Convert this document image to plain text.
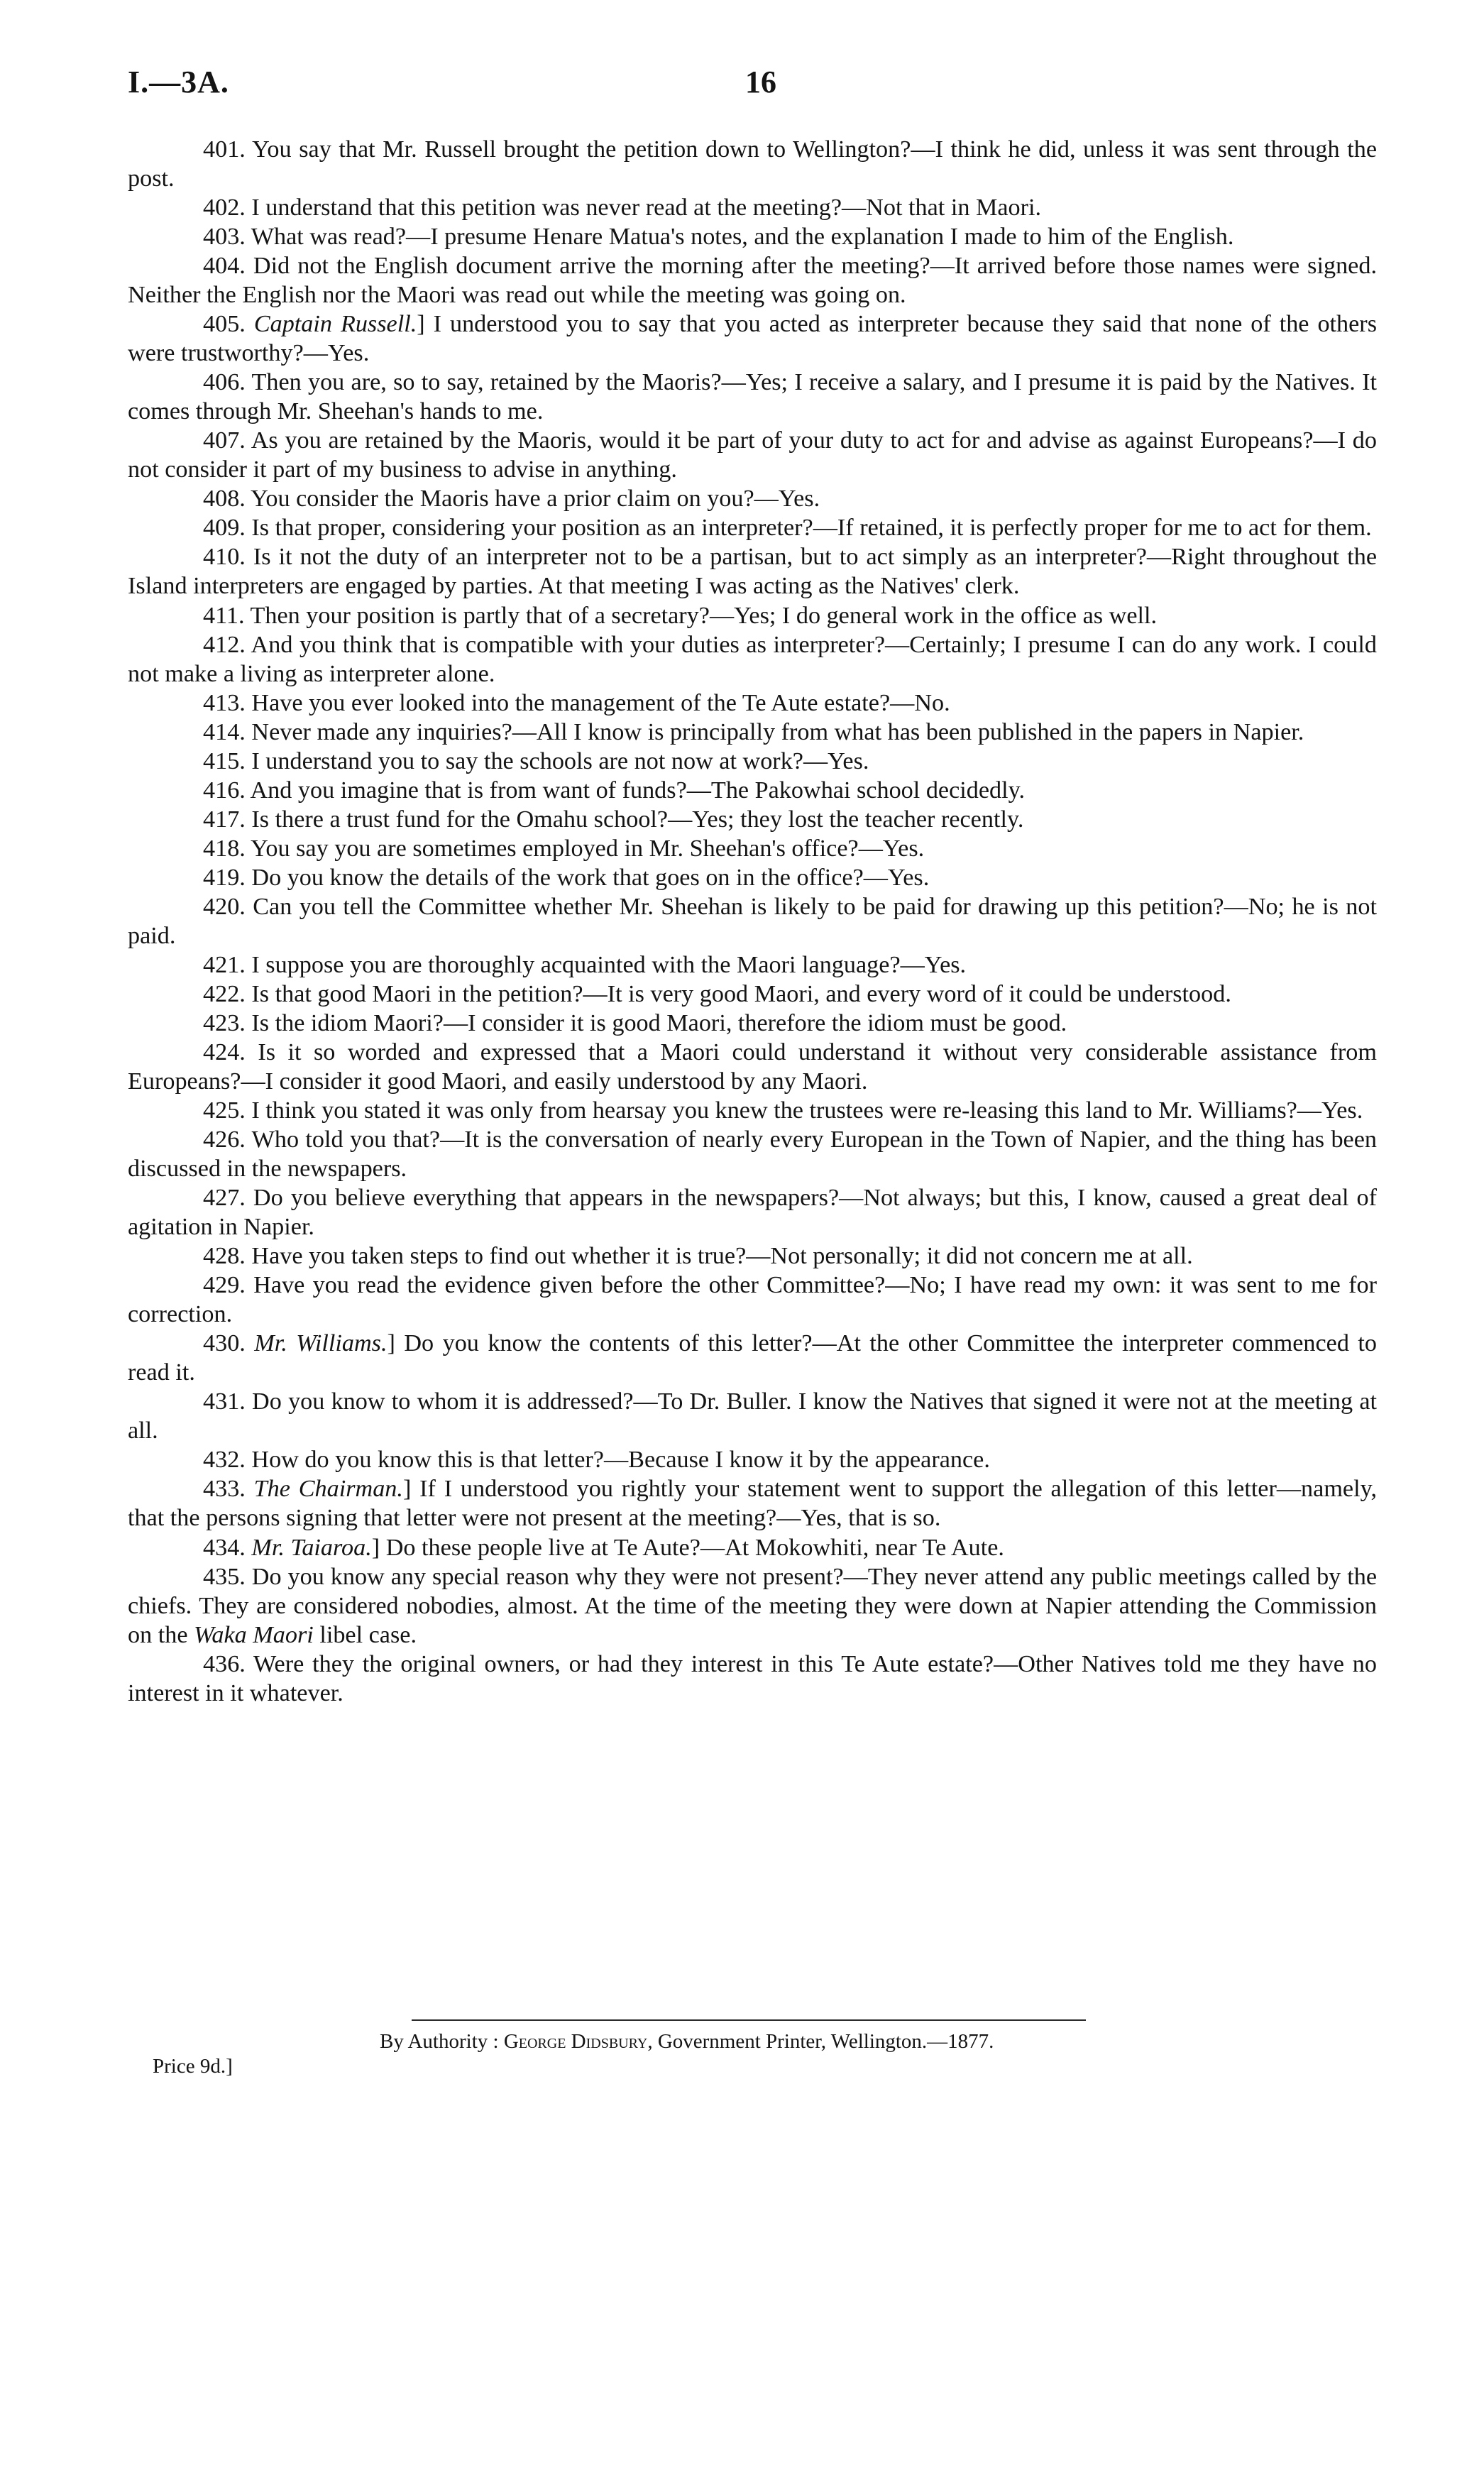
I.—3A.	16

401. You say that Mr. Russell brought the petition down to Wellington?—I think he did, unless it was sent through the post.

402. I understand that this petition was never read at the meeting?—Not that in Maori.

403. What was read?—I presume Henare Matua's notes, and the explanation I made to him of the English.

404. Did not the English document arrive the morning after the meeting?—It arrived before those names were signed. Neither the English nor the Maori was read out while the meeting was going on.

405. Captain Russell.] I understood you to say that you acted as interpreter because they said that none of the others were trustworthy?—Yes.

406. Then you are, so to say, retained by the Maoris?—Yes; I receive a salary, and I presume it is paid by the Natives. It comes through Mr. Sheehan's hands to me.

407. As you are retained by the Maoris, would it be part of your duty to act for and advise as against Europeans?—I do not consider it part of my business to advise in anything.

408. You consider the Maoris have a prior claim on you?—Yes.

409. Is that proper, considering your position as an interpreter?—If retained, it is perfectly proper for me to act for them.

410. Is it not the duty of an interpreter not to be a partisan, but to act simply as an interpreter?—Right throughout the Island interpreters are engaged by parties. At that meeting I was acting as the Natives' clerk.

411. Then your position is partly that of a secretary?—Yes; I do general work in the office as well.

412. And you think that is compatible with your duties as interpreter?—Certainly; I presume I can do any work. I could not make a living as interpreter alone.

413. Have you ever looked into the management of the Te Aute estate?—No.

414. Never made any inquiries?—All I know is principally from what has been published in the papers in Napier.

415. I understand you to say the schools are not now at work?—Yes.

416. And you imagine that is from want of funds?—The Pakowhai school decidedly.

417. Is there a trust fund for the Omahu school?—Yes; they lost the teacher recently.

418. You say you are sometimes employed in Mr. Sheehan's office?—Yes.

419. Do you know the details of the work that goes on in the office?—Yes.

420. Can you tell the Committee whether Mr. Sheehan is likely to be paid for drawing up this petition?—No; he is not paid.

421. I suppose you are thoroughly acquainted with the Maori language?—Yes.

422. Is that good Maori in the petition?—It is very good Maori, and every word of it could be understood.

423. Is the idiom Maori?—I consider it is good Maori, therefore the idiom must be good.

424. Is it so worded and expressed that a Maori could understand it without very considerable assistance from Europeans?—I consider it good Maori, and easily understood by any Maori.

425. I think you stated it was only from hearsay you knew the trustees were re-leasing this land to Mr. Williams?—Yes.

426. Who told you that?—It is the conversation of nearly every European in the Town of Napier, and the thing has been discussed in the newspapers.

427. Do you believe everything that appears in the newspapers?—Not always; but this, I know, caused a great deal of agitation in Napier.

428. Have you taken steps to find out whether it is true?—Not personally; it did not concern me at all.

429. Have you read the evidence given before the other Committee?—No; I have read my own: it was sent to me for correction.

430. Mr. Williams.] Do you know the contents of this letter?—At the other Committee the interpreter commenced to read it.

431. Do you know to whom it is addressed?—To Dr. Buller. I know the Natives that signed it were not at the meeting at all.

432. How do you know this is that letter?—Because I know it by the appearance.

433. The Chairman.] If I understood you rightly your statement went to support the allegation of this letter—namely, that the persons signing that letter were not present at the meeting?—Yes, that is so.

434. Mr. Taiaroa.] Do these people live at Te Aute?—At Mokowhiti, near Te Aute.

435. Do you know any special reason why they were not present?—They never attend any public meetings called by the chiefs. They are considered nobodies, almost. At the time of the meeting they were down at Napier attending the Commission on the Waka Maori libel case.

436. Were they the original owners, or had they interest in this Te Aute estate?—Other Natives told me they have no interest in it whatever.

By Authority : George Didsbury, Government Printer, Wellington.—1877.
Price 9d.]
